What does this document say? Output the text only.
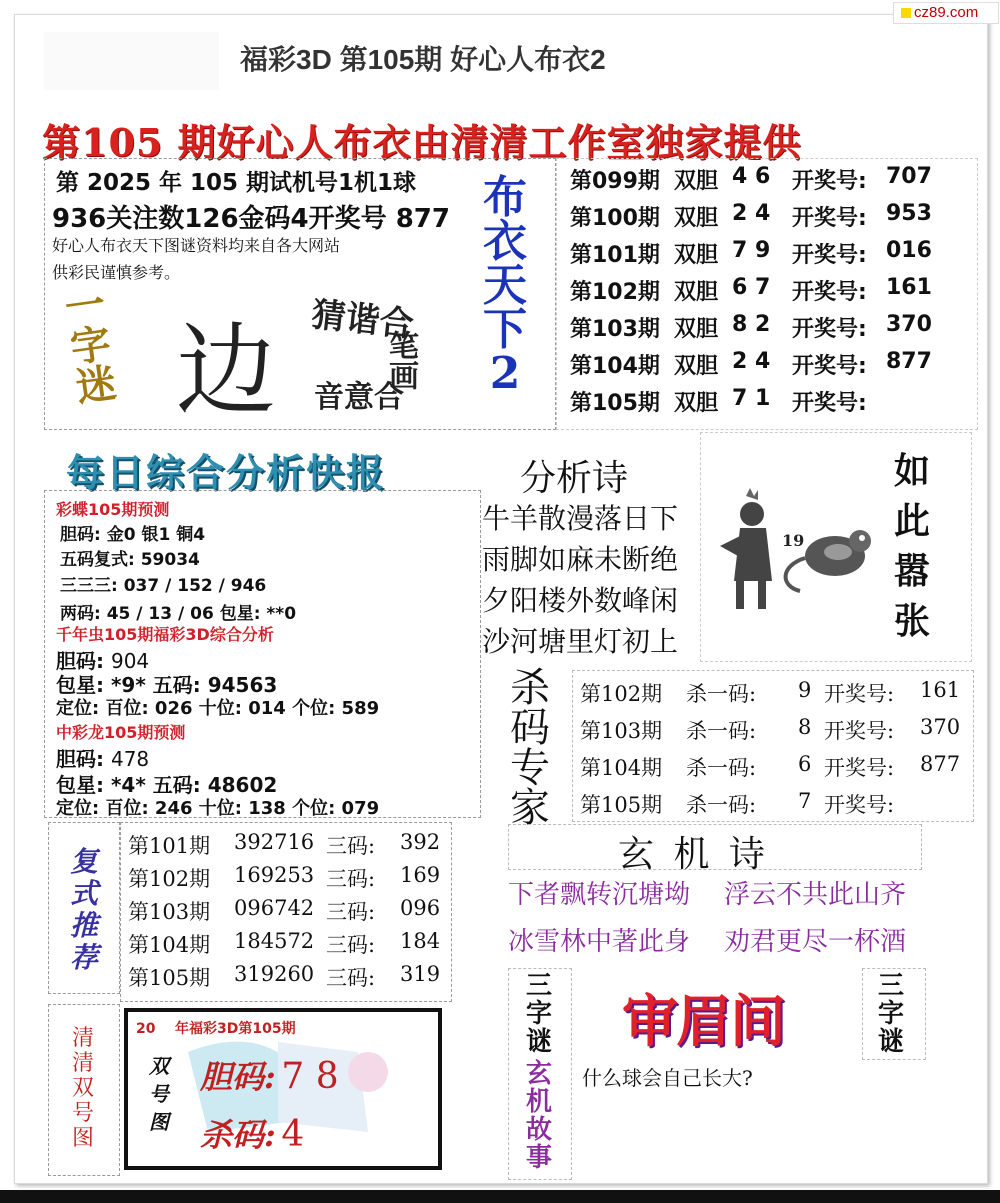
cz89.com
福彩3D 第105期 好心人布衣2
第105 期好心人布衣由清清工作室独家提供
第 2025 年 105 期试机号1机1球
936关注数126金码4开奖号 877
好心人布衣天下图谜资料均来自各大网站
供彩民谨慎参考。
布
衣
天
下
2
一字迷 边 猜谐合
笔画
音意合
第099期 双胆 4 6 开奖号: 707
第100期 双胆 2 4 开奖号: 953
第101期 双胆 7 9 开奖号: 016
第102期 双胆 6 7 开奖号: 161
第103期 双胆 8 2 开奖号: 370
第104期 双胆 2 4 开奖号: 877
第105期 双胆 7 1 开奖号:
每日综合分析快报
彩蝶105期预测
胆码: 金0 银1 铜4
五码复式: 59034
三三三: 037 / 152 / 946
两码: 45 / 13 / 06 包星: **0
千年虫105期福彩3D综合分析
胆码: 904
包星: *9* 五码: 94563
定位: 百位: 026 十位: 014 个位: 589
中彩龙105期预测
胆码: 478
包星: *4* 五码: 48602
定位: 百位: 246 十位: 138 个位: 079
分析诗
牛羊散漫落日下
雨脚如麻未断绝
夕阳楼外数峰闲
沙河塘里灯初上
19
如
此
嚣
张
杀
码
专
家
第102期 杀一码: 9 开奖号: 161
第103期 杀一码: 8 开奖号: 370
第104期 杀一码: 6 开奖号: 877
第105期 杀一码: 7 开奖号:
复
式
推
荐
第101期 392716 三码: 392
第102期 169253 三码: 169
第103期 096742 三码: 096
第104期 184572 三码: 184
第105期 319260 三码: 319
玄 机 诗
下者飘转沉塘坳 浮云不共此山齐
冰雪林中著此身 劝君更尽一杯酒
清
清
双
号
图
20    年福彩3D第105期
双
号
图
胆码: 7 8
杀码: 4
三
字
谜
玄
机
故
事
三
字
谜
审眉间
什么球会自己长大?
